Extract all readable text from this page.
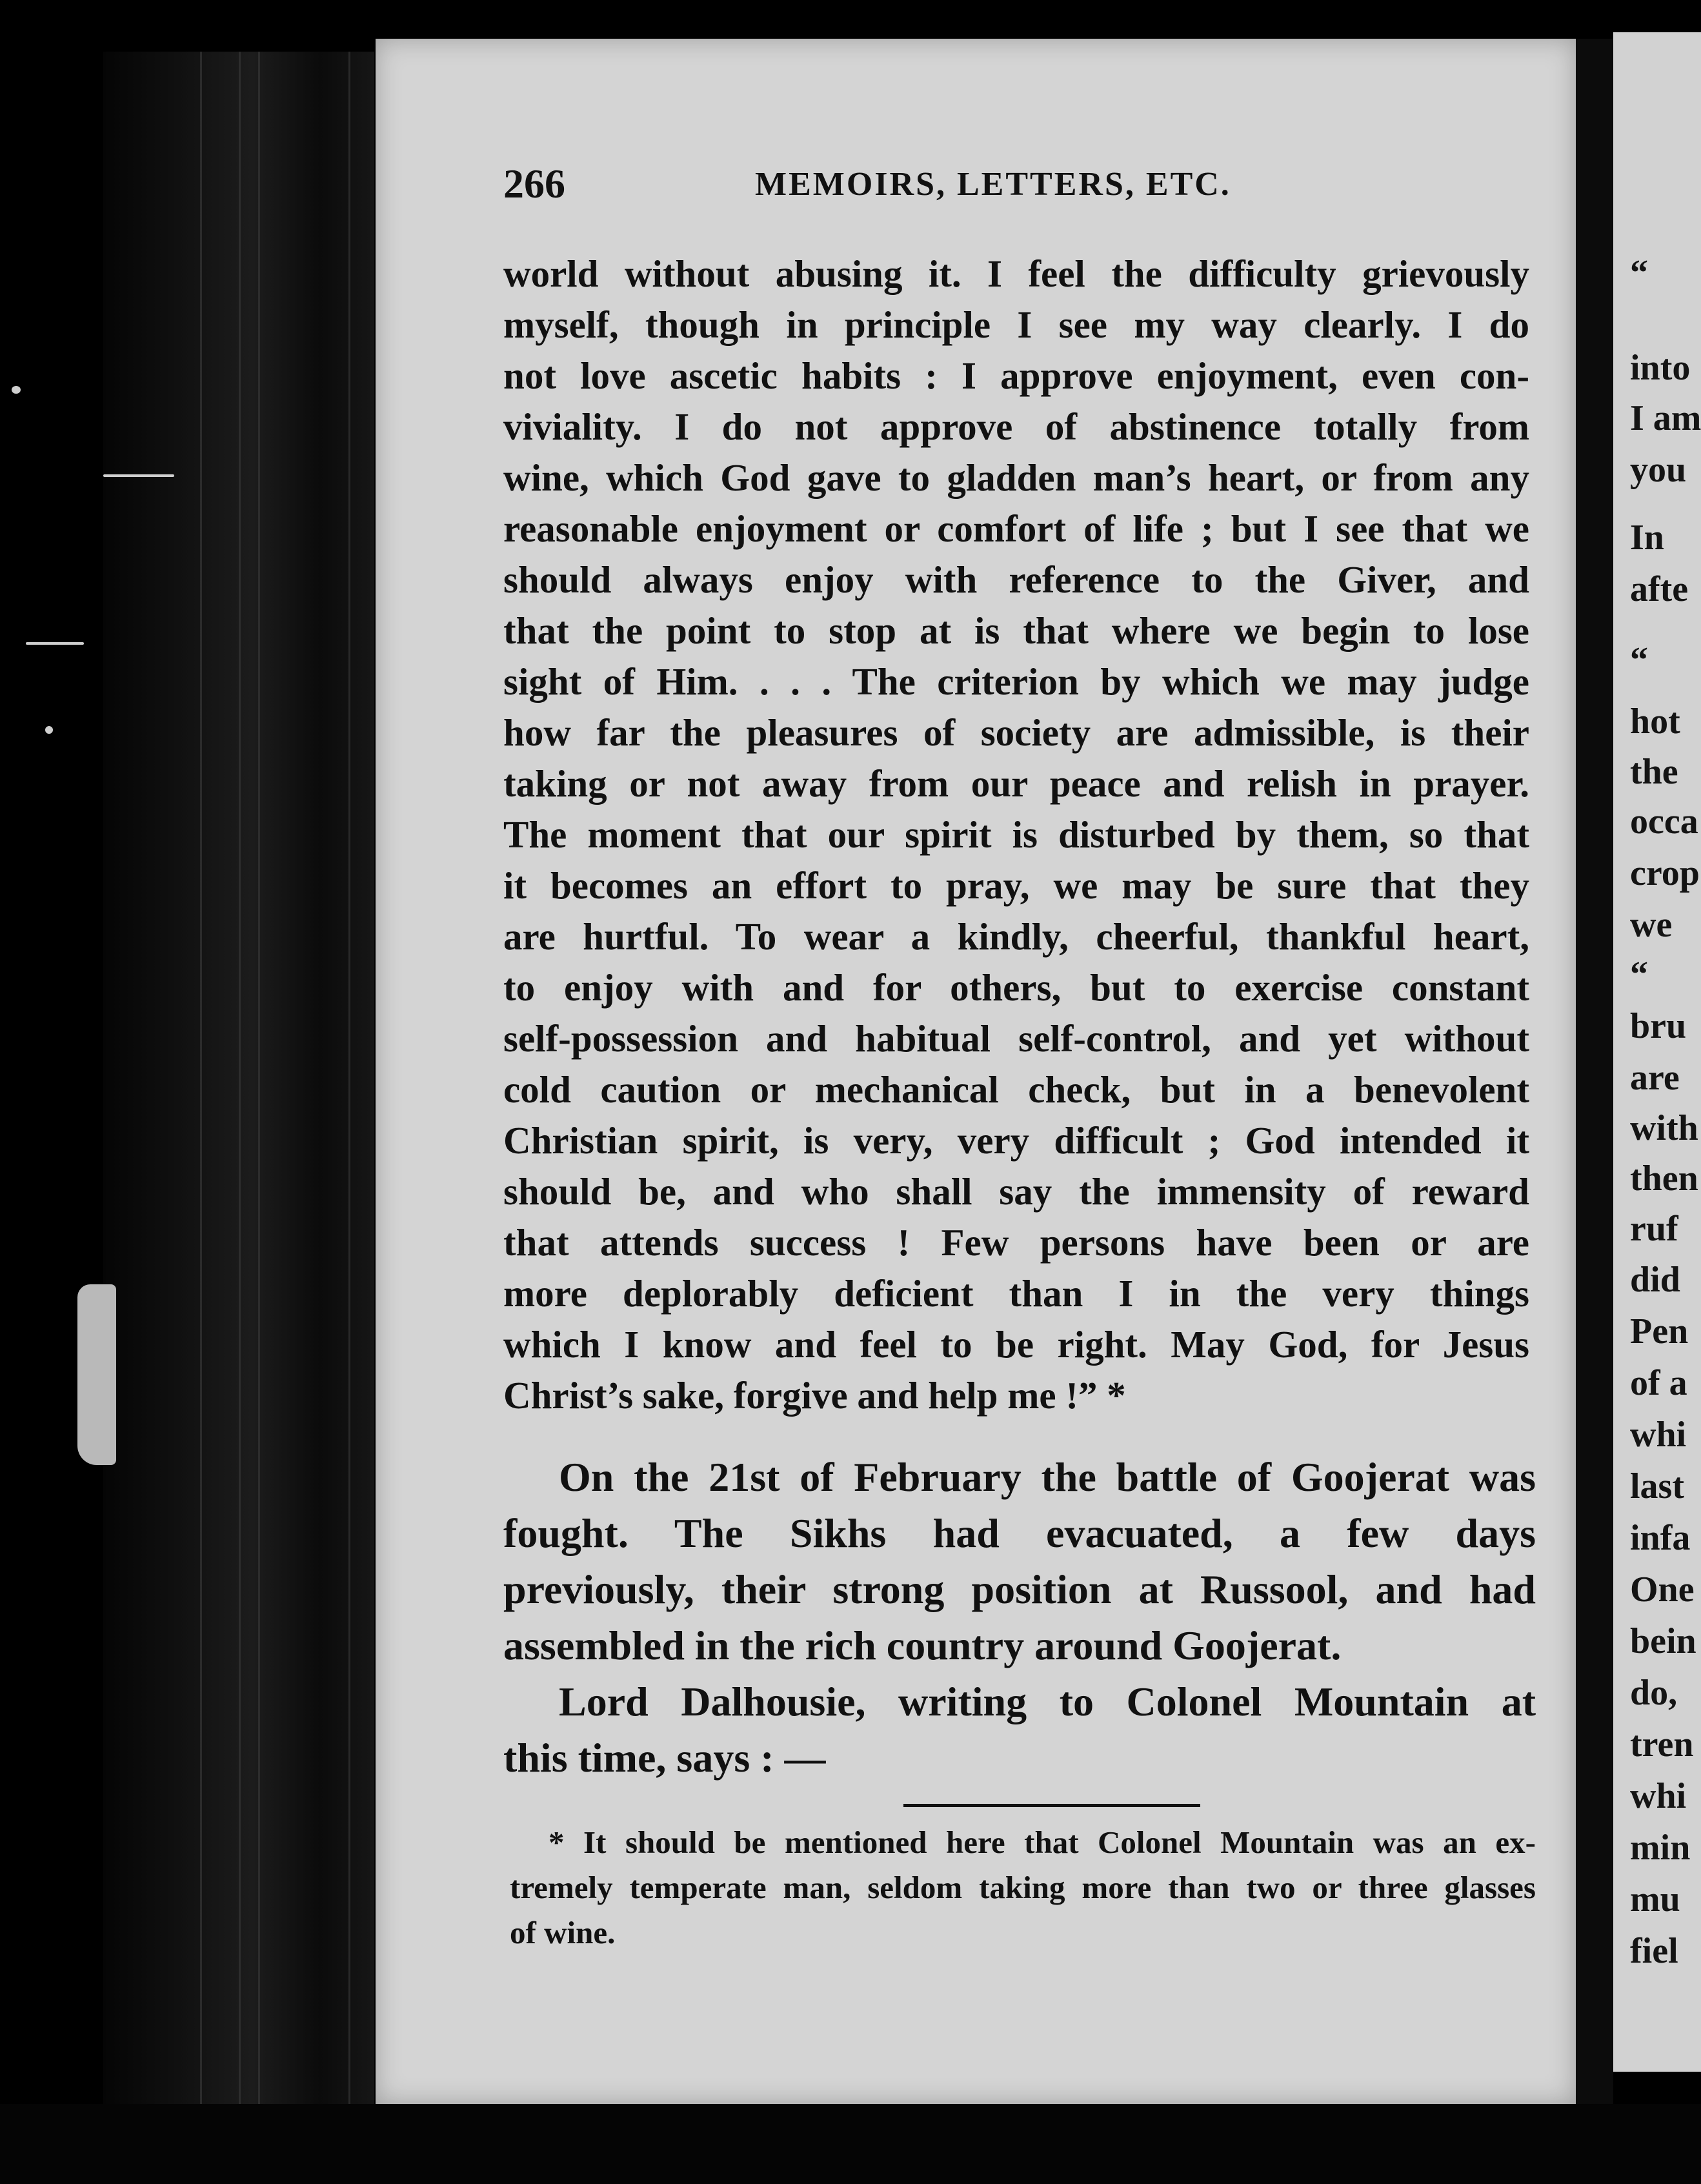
“
into
I am
you
In
afte
“
hot
the
occa
crop
we
“
bru
are
with
then
ruf
did
Pen
of a
whi
last
infa
One
bein
do,
tren
whi
min
mu
fiel
266	MEMOIRS, LETTERS, ETC.
world without abusing it. I feel the difficulty grievously
myself, though in principle I see my way clearly. I do
not love ascetic habits : I approve enjoyment, even con-
viviality. I do not approve of abstinence totally from
wine, which God gave to gladden man’s heart, or from any
reasonable enjoyment or comfort of life ; but I see that we
should always enjoy with reference to the Giver, and
that the point to stop at is that where we begin to lose
sight of Him. . . . The criterion by which we may judge
how far the pleasures of society are admissible, is their
taking or not away from our peace and relish in prayer.
The moment that our spirit is disturbed by them, so that
it becomes an effort to pray, we may be sure that they
are hurtful. To wear a kindly, cheerful, thankful heart,
to enjoy with and for others, but to exercise constant
self-possession and habitual self-control, and yet without
cold caution or mechanical check, but in a benevolent
Christian spirit, is very, very difficult ; God intended it
should be, and who shall say the immensity of reward
that attends success ! Few persons have been or are
more deplorably deficient than I in the very things
which I know and feel to be right. May God, for Jesus
Christ’s sake, forgive and help me !” *
On the 21st of February the battle of Goojerat was
fought. The Sikhs had evacuated, a few days
previously, their strong position at Russool, and had
assembled in the rich country around Goojerat.
Lord Dalhousie, writing to Colonel Mountain at
this time, says : —
* It should be mentioned here that Colonel Mountain was an ex-
tremely temperate man, seldom taking more than two or three glasses
of wine.
